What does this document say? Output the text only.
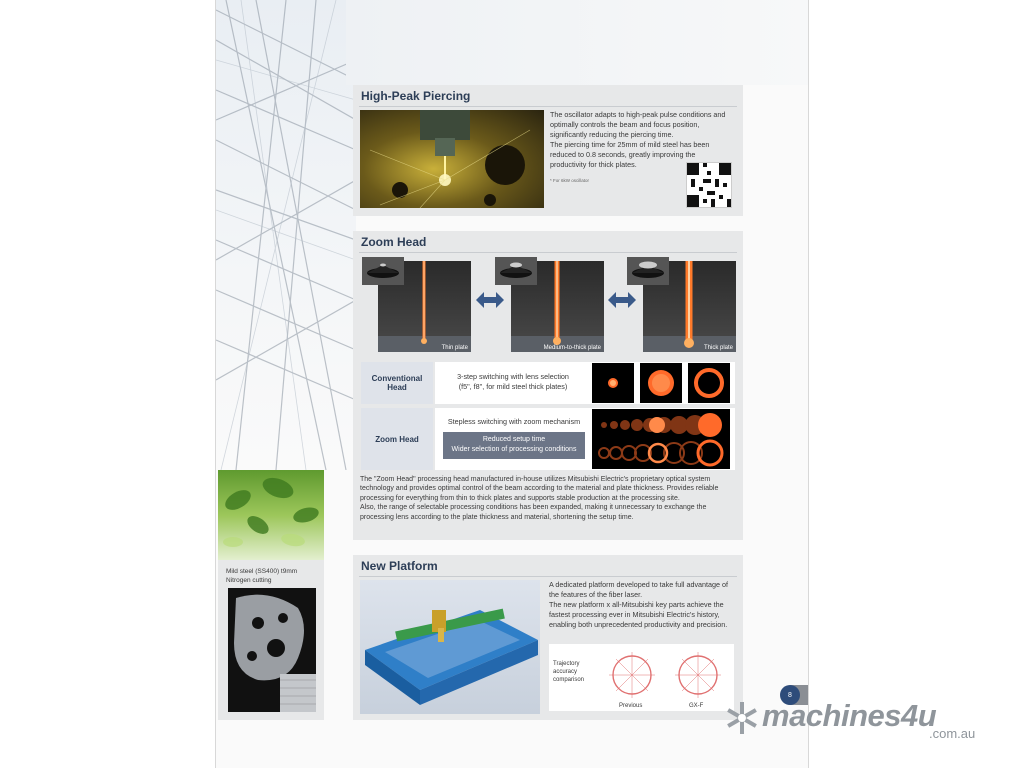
High-Peak Piercing
The oscillator adapts to high-peak pulse conditions and optimally controls the beam and focus position, significantly reducing the piercing time.
The piercing time for 25mm of mild steel has been reduced to 0.8 seconds, greatly improving the productivity for thick plates.
* For 6kW oscillator
Zoom Head
Thin plate	Medium-to-thick plate	Thick plate
Conventional Head
3-step switching with lens selection
(f5", f8", for mild steel thick plates)
Zoom Head
Stepless switching with zoom mechanism
Reduced setup time
Wider selection of processing conditions
The "Zoom Head" processing head manufactured in-house utilizes Mitsubishi Electric's proprietary optical system technology and provides optimal control of the beam according to the material and plate thickness. Provides reliable processing for everything from thin to thick plates and supports stable production at the processing site.
Also, the range of selectable processing conditions has been expanded, making it unnecessary to exchange the processing lens according to the plate thickness and material, shortening the setup time.
Mild steel (SS400) t9mm
Nitrogen cutting
New Platform
A dedicated platform developed to take full advantage of the features of the fiber laser.
The new platform x all-Mitsubishi key parts achieve the fastest processing ever in Mitsubishi Electric's history, enabling both unprecedented productivity and precision.
Trajectory accuracy comparison
Previous	GX-F
8
machines4u
.com.au
